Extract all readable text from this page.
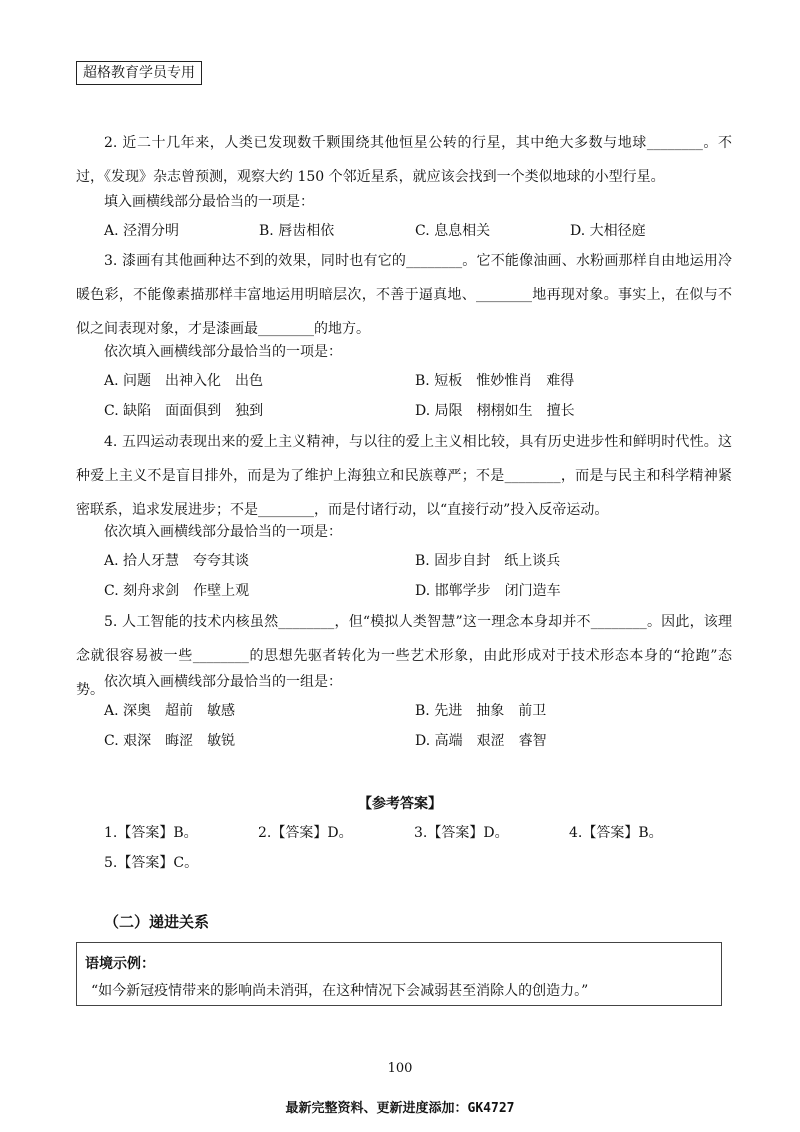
超格教育学员专用

2. 近二十几年来，人类已发现数千颗围绕其他恒星公转的行星，其中绝大多数与地球________。不过，《发现》杂志曾预测，观察大约 150 个邻近星系，就应该会找到一个类似地球的小型行星。

填入画横线部分最恰当的一项是：

A. 泾渭分明	B. 唇齿相依	C. 息息相关	D. 大相径庭

3. 漆画有其他画种达不到的效果，同时也有它的________。它不能像油画、水粉画那样自由地运用冷暖色彩，不能像素描那样丰富地运用明暗层次，不善于逼真地、________地再现对象。事实上，在似与不似之间表现对象，才是漆画最________的地方。

依次填入画横线部分最恰当的一项是：

A. 问题　出神入化　出色	B. 短板　惟妙惟肖　难得
C. 缺陷　面面俱到　独到	D. 局限　栩栩如生　擅长

4. 五四运动表现出来的爱上主义精神，与以往的爱上主义相比较，具有历史进步性和鲜明时代性。这种爱上主义不是盲目排外，而是为了维护上海独立和民族尊严；不是________，而是与民主和科学精神紧密联系，追求发展进步；不是________，而是付诸行动，以“直接行动”投入反帝运动。

依次填入画横线部分最恰当的一项是：

A. 拾人牙慧　夸夸其谈	B. 固步自封　纸上谈兵
C. 刻舟求剑　作壁上观	D. 邯郸学步　闭门造车

5. 人工智能的技术内核虽然________，但“模拟人类智慧”这一理念本身却并不________。因此，该理念就很容易被一些________的思想先驱者转化为一些艺术形象，由此形成对于技术形态本身的“抢跑”态势。 依次填入画横线部分最恰当的一组是：

A. 深奥　超前　敏感	B. 先进　抽象　前卫
C. 艰深　晦涩　敏锐	D. 高端　艰涩　睿智
【参考答案】
1.【答案】B。	2.【答案】D。	3.【答案】D。	4.【答案】B。
5.【答案】C。
（二）递进关系
语境示例：
“如今新冠疫情带来的影响尚未消弭，在这种情况下会减弱甚至消除人的创造力。”
100
最新完整资料、更新进度添加：GK4727
